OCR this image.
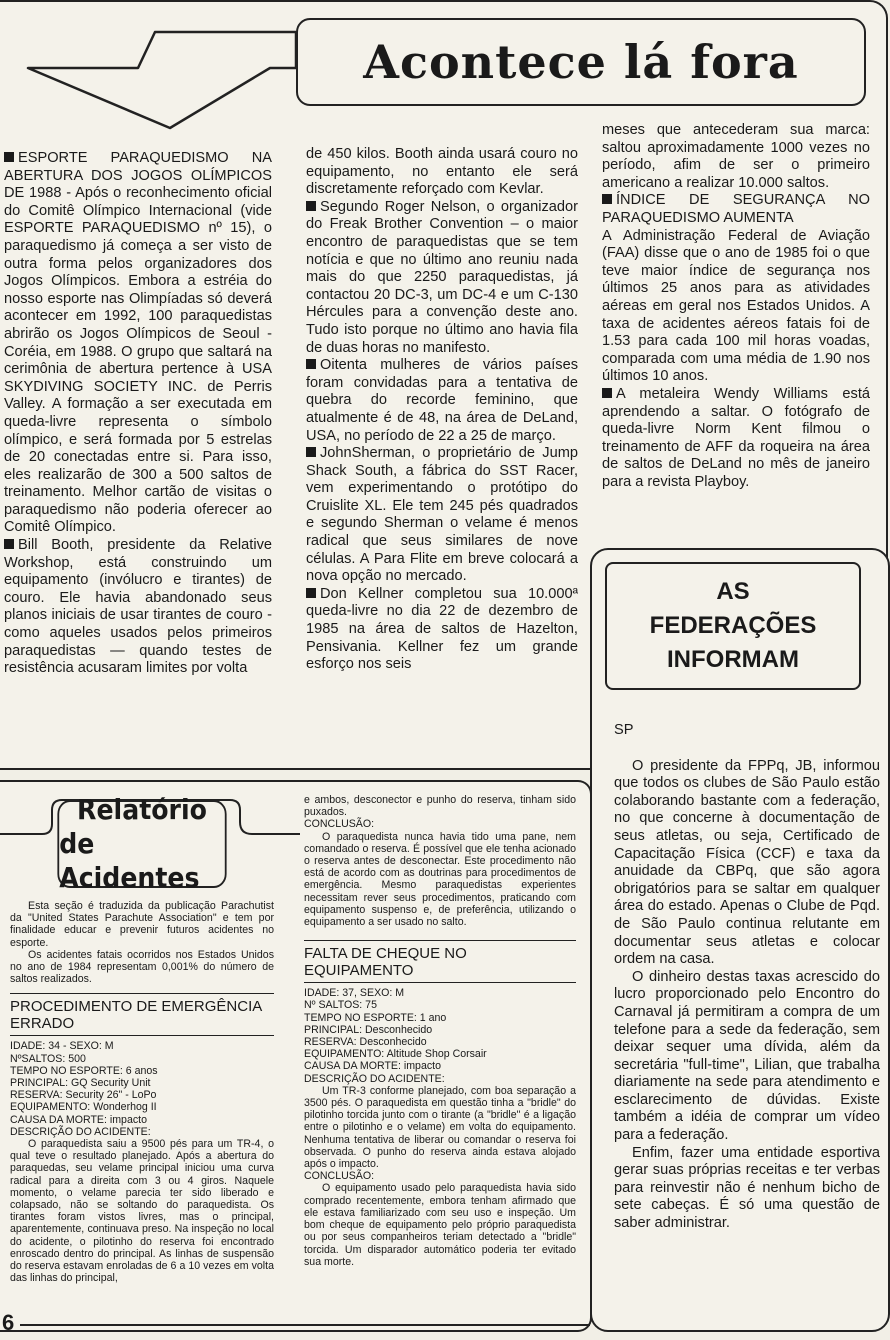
Acontece lá fora

ESPORTE PARAQUEDISMO NA ABERTURA DOS JOGOS OLÍMPICOS DE 1988 - Após o reconhecimento oficial do Comitê Olímpico Internacional (vide ESPORTE PARAQUEDISMO nº 15), o paraquedismo já começa a ser visto de outra forma pelos organizadores dos Jogos Olímpicos. Embora a estréia do nosso esporte nas Olimpíadas só deverá acontecer em 1992, 100 paraquedistas abrirão os Jogos Olímpicos de Seoul - Coréia, em 1988. O grupo que saltará na cerimônia de abertura pertence à USA SKYDIVING SOCIETY INC. de Perris Valley. A formação a ser executada em queda-livre representa o símbolo olímpico, e será formada por 5 estrelas de 20 conectadas entre si. Para isso, eles realizarão de 300 a 500 saltos de treinamento. Melhor cartão de visitas o paraquedismo não poderia oferecer ao Comitê Olímpico.

Bill Booth, presidente da Relative Workshop, está construindo um equipamento (invólucro e tirantes) de couro. Ele havia abandonado seus planos iniciais de usar tirantes de couro - como aqueles usados pelos primeiros paraquedistas — quando testes de resistência acusaram limites por volta

de 450 kilos. Booth ainda usará couro no equipamento, no entanto ele será discretamente reforçado com Kevlar.

Segundo Roger Nelson, o organizador do Freak Brother Convention – o maior encontro de paraquedistas que se tem notícia e que no último ano reuniu nada mais do que 2250 paraquedistas, já contactou 20 DC-3, um DC-4 e um C-130 Hércules para a convenção deste ano. Tudo isto porque no último ano havia fila de duas horas no manifesto.

Oitenta mulheres de vários países foram convidadas para a tentativa de quebra do recorde feminino, que atualmente é de 48, na área de DeLand, USA, no período de 22 a 25 de março.

JohnSherman, o proprietário de Jump Shack South, a fábrica do SST Racer, vem experimentando o protótipo do Cruislite XL. Ele tem 245 pés quadrados e segundo Sherman o velame é menos radical que seus similares de nove células. A Para Flite em breve colocará a nova opção no mercado.

Don Kellner completou sua 10.000ª queda-livre no dia 22 de dezembro de 1985 na área de saltos de Hazelton, Pensivania. Kellner fez um grande esforço nos seis

meses que antecederam sua marca: saltou aproximadamente 1000 vezes no período, afim de ser o primeiro americano a realizar 10.000 saltos.

ÍNDICE DE SEGURANÇA NO PARAQUEDISMO AUMENTA

A Administração Federal de Aviação (FAA) disse que o ano de 1985 foi o que teve maior índice de segurança nos últimos 25 anos para as atividades aéreas em geral nos Estados Unidos. A taxa de acidentes aéreos fatais foi de 1.53 para cada 100 mil horas voadas, comparada com uma média de 1.90 nos últimos 10 anos.

A metaleira Wendy Williams está aprendendo a saltar. O fotógrafo de queda-livre Norm Kent filmou o treinamento de AFF da roqueira na área de saltos de DeLand no mês de janeiro para a revista Playboy.

Relatório
de Acidentes

Esta seção é traduzida da publicação Parachutist da "United States Parachute Association" e tem por finalidade educar e prevenir futuros acidentes no esporte.

Os acidentes fatais ocorridos nos Estados Unidos no ano de 1984 representam 0,001% do número de saltos realizados.

PROCEDIMENTO DE EMERGÊNCIA ERRADO
IDADE: 34 - SEXO: M
NºSALTOS: 500
TEMPO NO ESPORTE: 6 anos
PRINCIPAL: GQ Security Unit
RESERVA: Security 26" - LoPo
EQUIPAMENTO: Wonderhog II
CAUSA DA MORTE: impacto
DESCRIÇÃO DO ACIDENTE:

O paraquedista saiu a 9500 pés para um TR-4, o qual teve o resultado planejado. Após a abertura do paraquedas, seu velame principal iniciou uma curva radical para a direita com 3 ou 4 giros. Naquele momento, o velame parecia ter sido liberado e colapsado, não se soltando do paraquedista. Os tirantes foram vistos livres, mas o principal, aparentemente, continuava preso. Na inspeção no local do acidente, o pilotinho do reserva foi encontrado enroscado dentro do principal. As linhas de suspensão do reserva estavam enroladas de 6 a 10 vezes em volta das linhas do principal,

e ambos, desconector e punho do reserva, tinham sido puxados.

CONCLUSÃO:

O paraquedista nunca havia tido uma pane, nem comandado o reserva. É possível que ele tenha acionado o reserva antes de desconectar. Este procedimento não está de acordo com as doutrinas para procedimentos de emergência. Mesmo paraquedistas experientes necessitam rever seus procedimentos, praticando com equipamento suspenso e, de preferência, utilizando o equipamento a ser usado no salto.

FALTA DE CHEQUE NO EQUIPAMENTO
IDADE: 37, SEXO: M
Nº SALTOS: 75
TEMPO NO ESPORTE: 1 ano
PRINCIPAL: Desconhecido
RESERVA: Desconhecido
EQUIPAMENTO: Altitude Shop Corsair
CAUSA DA MORTE: impacto
DESCRIÇÃO DO ACIDENTE:

Um TR-3 conforme planejado, com boa separação a 3500 pés. O paraquedista em questão tinha a "bridle" do pilotinho torcida junto com o tirante (a "bridle" é a ligação entre o pilotinho e o velame) em volta do equipamento. Nenhuma tentativa de liberar ou comandar o reserva foi observada. O punho do reserva ainda estava alojado após o impacto.

CONCLUSÃO:

O equipamento usado pelo paraquedista havia sido comprado recentemente, embora tenham afirmado que ele estava familiarizado com seu uso e inspeção. Um bom cheque de equipamento pelo próprio paraquedista ou por seus companheiros teriam detectado a "bridle" torcida. Um disparador automático poderia ter evitado sua morte.

AS
FEDERAÇÕES
INFORMAM

SP

O presidente da FPPq, JB, informou que todos os clubes de São Paulo estão colaborando bastante com a federação, no que concerne à documentação de seus atletas, ou seja, Certificado de Capacitação Física (CCF) e taxa da anuidade da CBPq, que são agora obrigatórios para se saltar em qualquer área do estado. Apenas o Clube de Pqd. de São Paulo continua relutante em documentar seus atletas e colocar ordem na casa.

O dinheiro destas taxas acrescido do lucro proporcionado pelo Encontro do Carnaval já permitiram a compra de um telefone para a sede da federação, sem deixar sequer uma dívida, além da secretária "full-time", Lilian, que trabalha diariamente na sede para atendimento e esclarecimento de dúvidas. Existe também a idéia de comprar um vídeo para a federação.

Enfim, fazer uma entidade esportiva gerar suas próprias receitas e ter verbas para reinvestir não é nenhum bicho de sete cabeças. É só uma questão de saber administrar.

6
